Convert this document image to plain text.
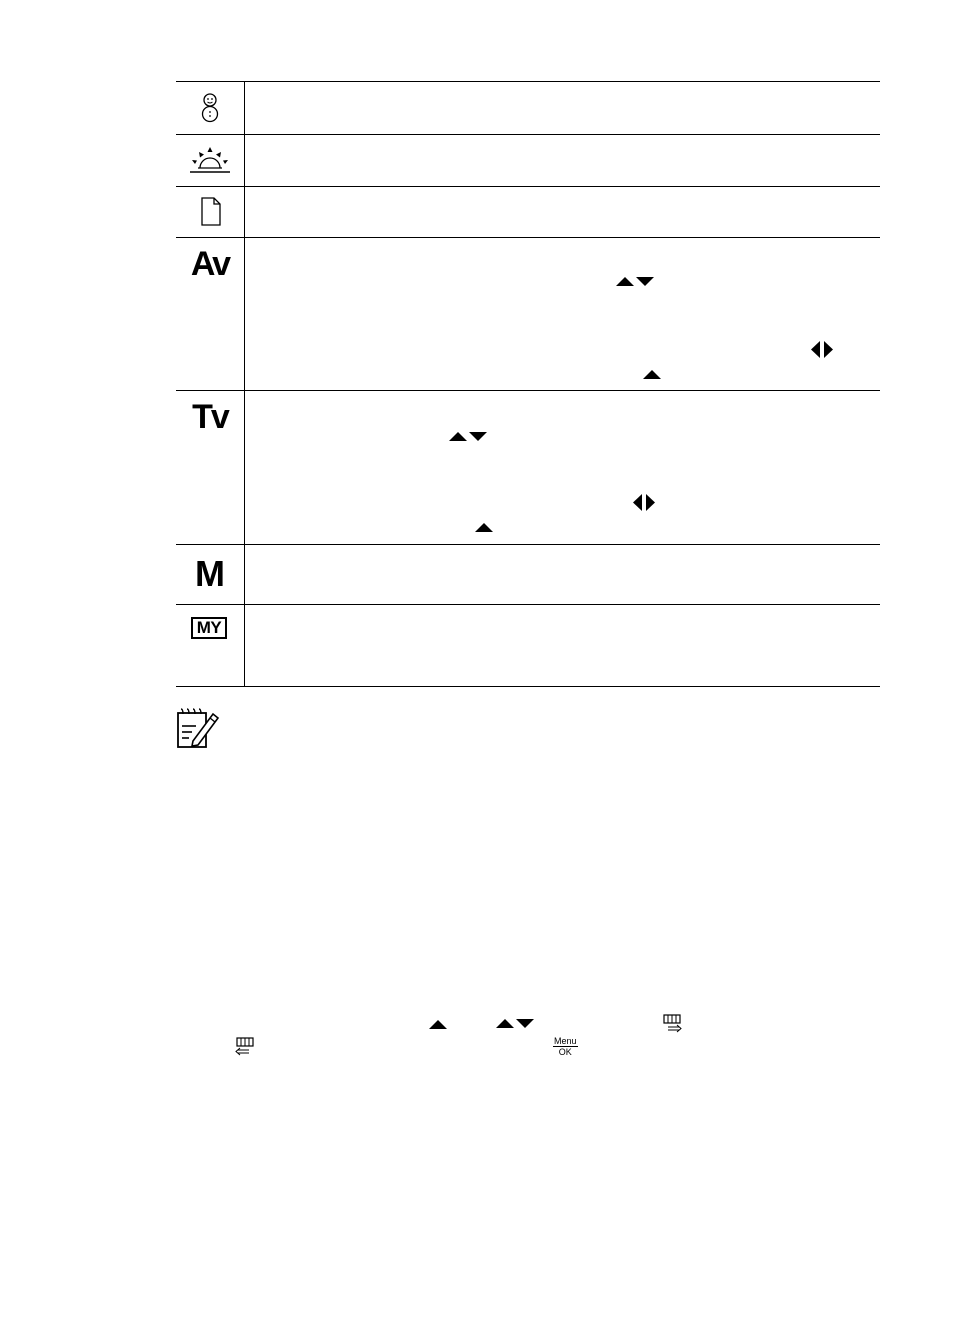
Av
Tv
M
MY
Menu
OK
